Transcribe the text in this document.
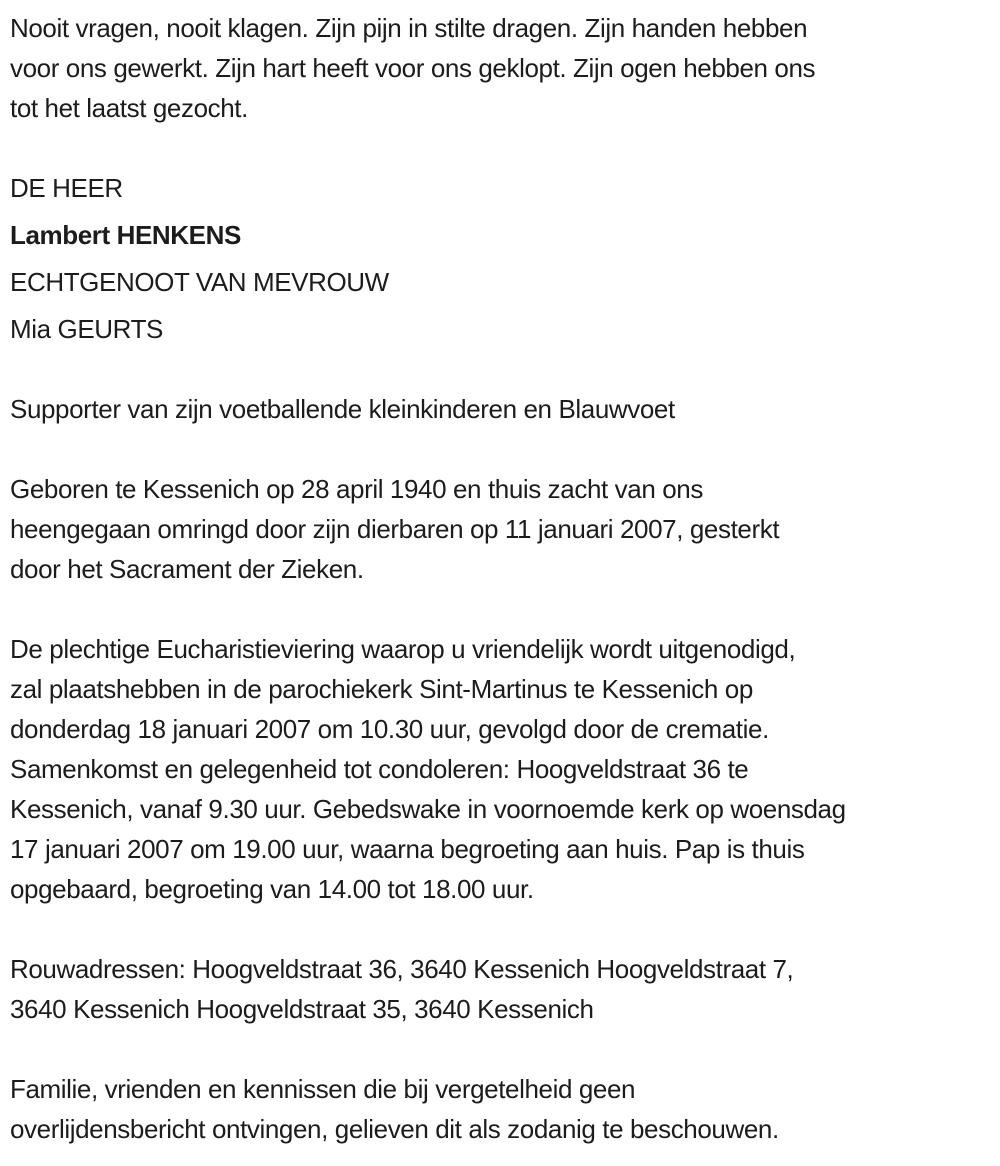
Nooit vragen, nooit klagen. Zijn pijn in stilte dragen. Zijn handen hebben
voor ons gewerkt. Zijn hart heeft voor ons geklopt. Zijn ogen hebben ons
tot het laatst gezocht.
DE HEER
Lambert HENKENS
ECHTGENOOT VAN MEVROUW
Mia GEURTS
Supporter van zijn voetballende kleinkinderen en Blauwvoet
Geboren te Kessenich op 28 april 1940 en thuis zacht van ons
heengegaan omringd door zijn dierbaren op 11 januari 2007, gesterkt
door het Sacrament der Zieken.
De plechtige Eucharistieviering waarop u vriendelijk wordt uitgenodigd,
zal plaatshebben in de parochiekerk Sint-Martinus te Kessenich op
donderdag 18 januari 2007 om 10.30 uur, gevolgd door de crematie.
Samenkomst en gelegenheid tot condoleren: Hoogveldstraat 36 te
Kessenich, vanaf 9.30 uur. Gebedswake in voornoemde kerk op woensdag
17 januari 2007 om 19.00 uur, waarna begroeting aan huis. Pap is thuis
opgebaard, begroeting van 14.00 tot 18.00 uur.
Rouwadressen: Hoogveldstraat 36, 3640 Kessenich Hoogveldstraat 7,
3640 Kessenich Hoogveldstraat 35, 3640 Kessenich
Familie, vrienden en kennissen die bij vergetelheid geen
overlijdensbericht ontvingen, gelieven dit als zodanig te beschouwen.
